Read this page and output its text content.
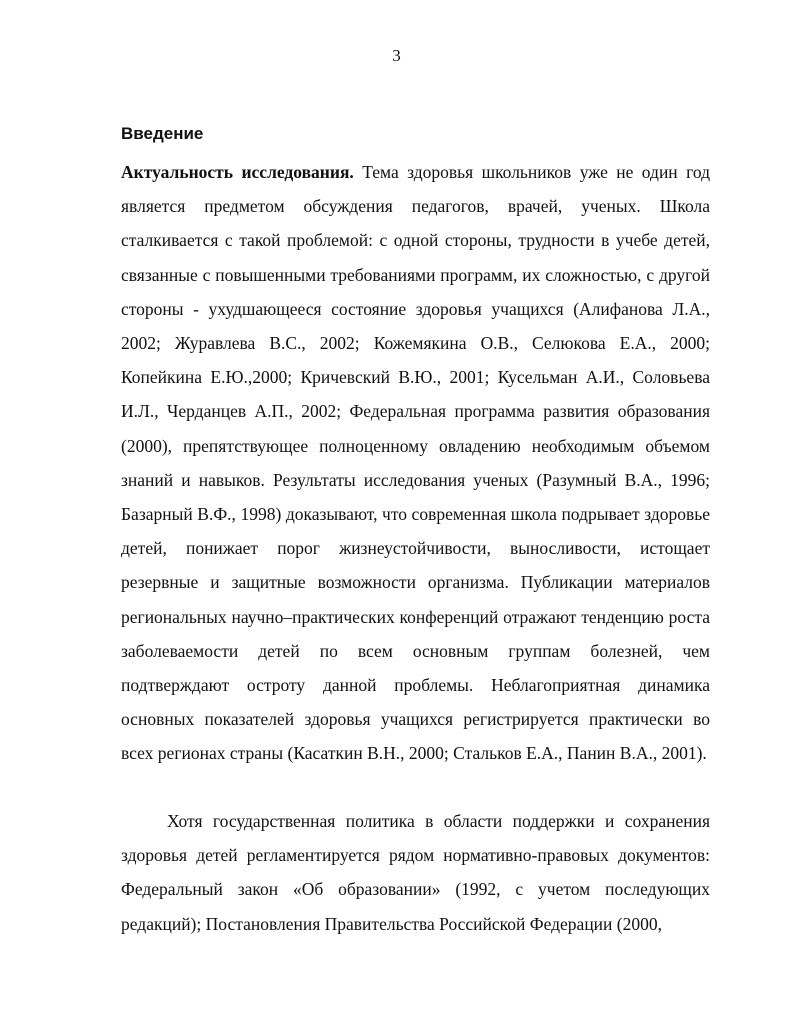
3
Введение

Актуальность исследования. Тема здоровья школьников уже не один год является предметом обсуждения педагогов, врачей, ученых. Школа сталкивается с такой проблемой: с одной стороны, трудности в учебе детей, связанные с повышенными требованиями программ, их сложностью, с другой стороны - ухудшающееся состояние здоровья учащихся (Алифанова Л.А., 2002; Журавлева В.С., 2002; Кожемякина О.В., Селюкова Е.А., 2000; Копейкина Е.Ю.,2000; Кричевский В.Ю., 2001; Кусельман А.И., Соловьева И.Л., Черданцев А.П., 2002; Федеральная программа развития образования (2000), препятствующее полноценному овладению необходимым объемом знаний и навыков. Результаты исследования ученых (Разумный В.А., 1996; Базарный В.Ф., 1998) доказывают, что современная школа подрывает здоровье детей, понижает порог жизнеустойчивости, выносливости, истощает резервные и защитные возможности организма. Публикации материалов региональных научно–практических конференций отражают тенденцию роста заболеваемости детей по всем основным группам болезней, чем подтверждают остроту данной проблемы. Неблагоприятная динамика основных показателей здоровья учащихся регистрируется практически во всех регионах страны (Касаткин В.Н., 2000; Стальков Е.А., Панин В.А., 2001).

Хотя государственная политика в области поддержки и сохранения здоровья детей регламентируется рядом нормативно-правовых документов: Федеральный закон «Об образовании» (1992, с учетом последующих редакций); Постановления Правительства Российской Федерации (2000,
